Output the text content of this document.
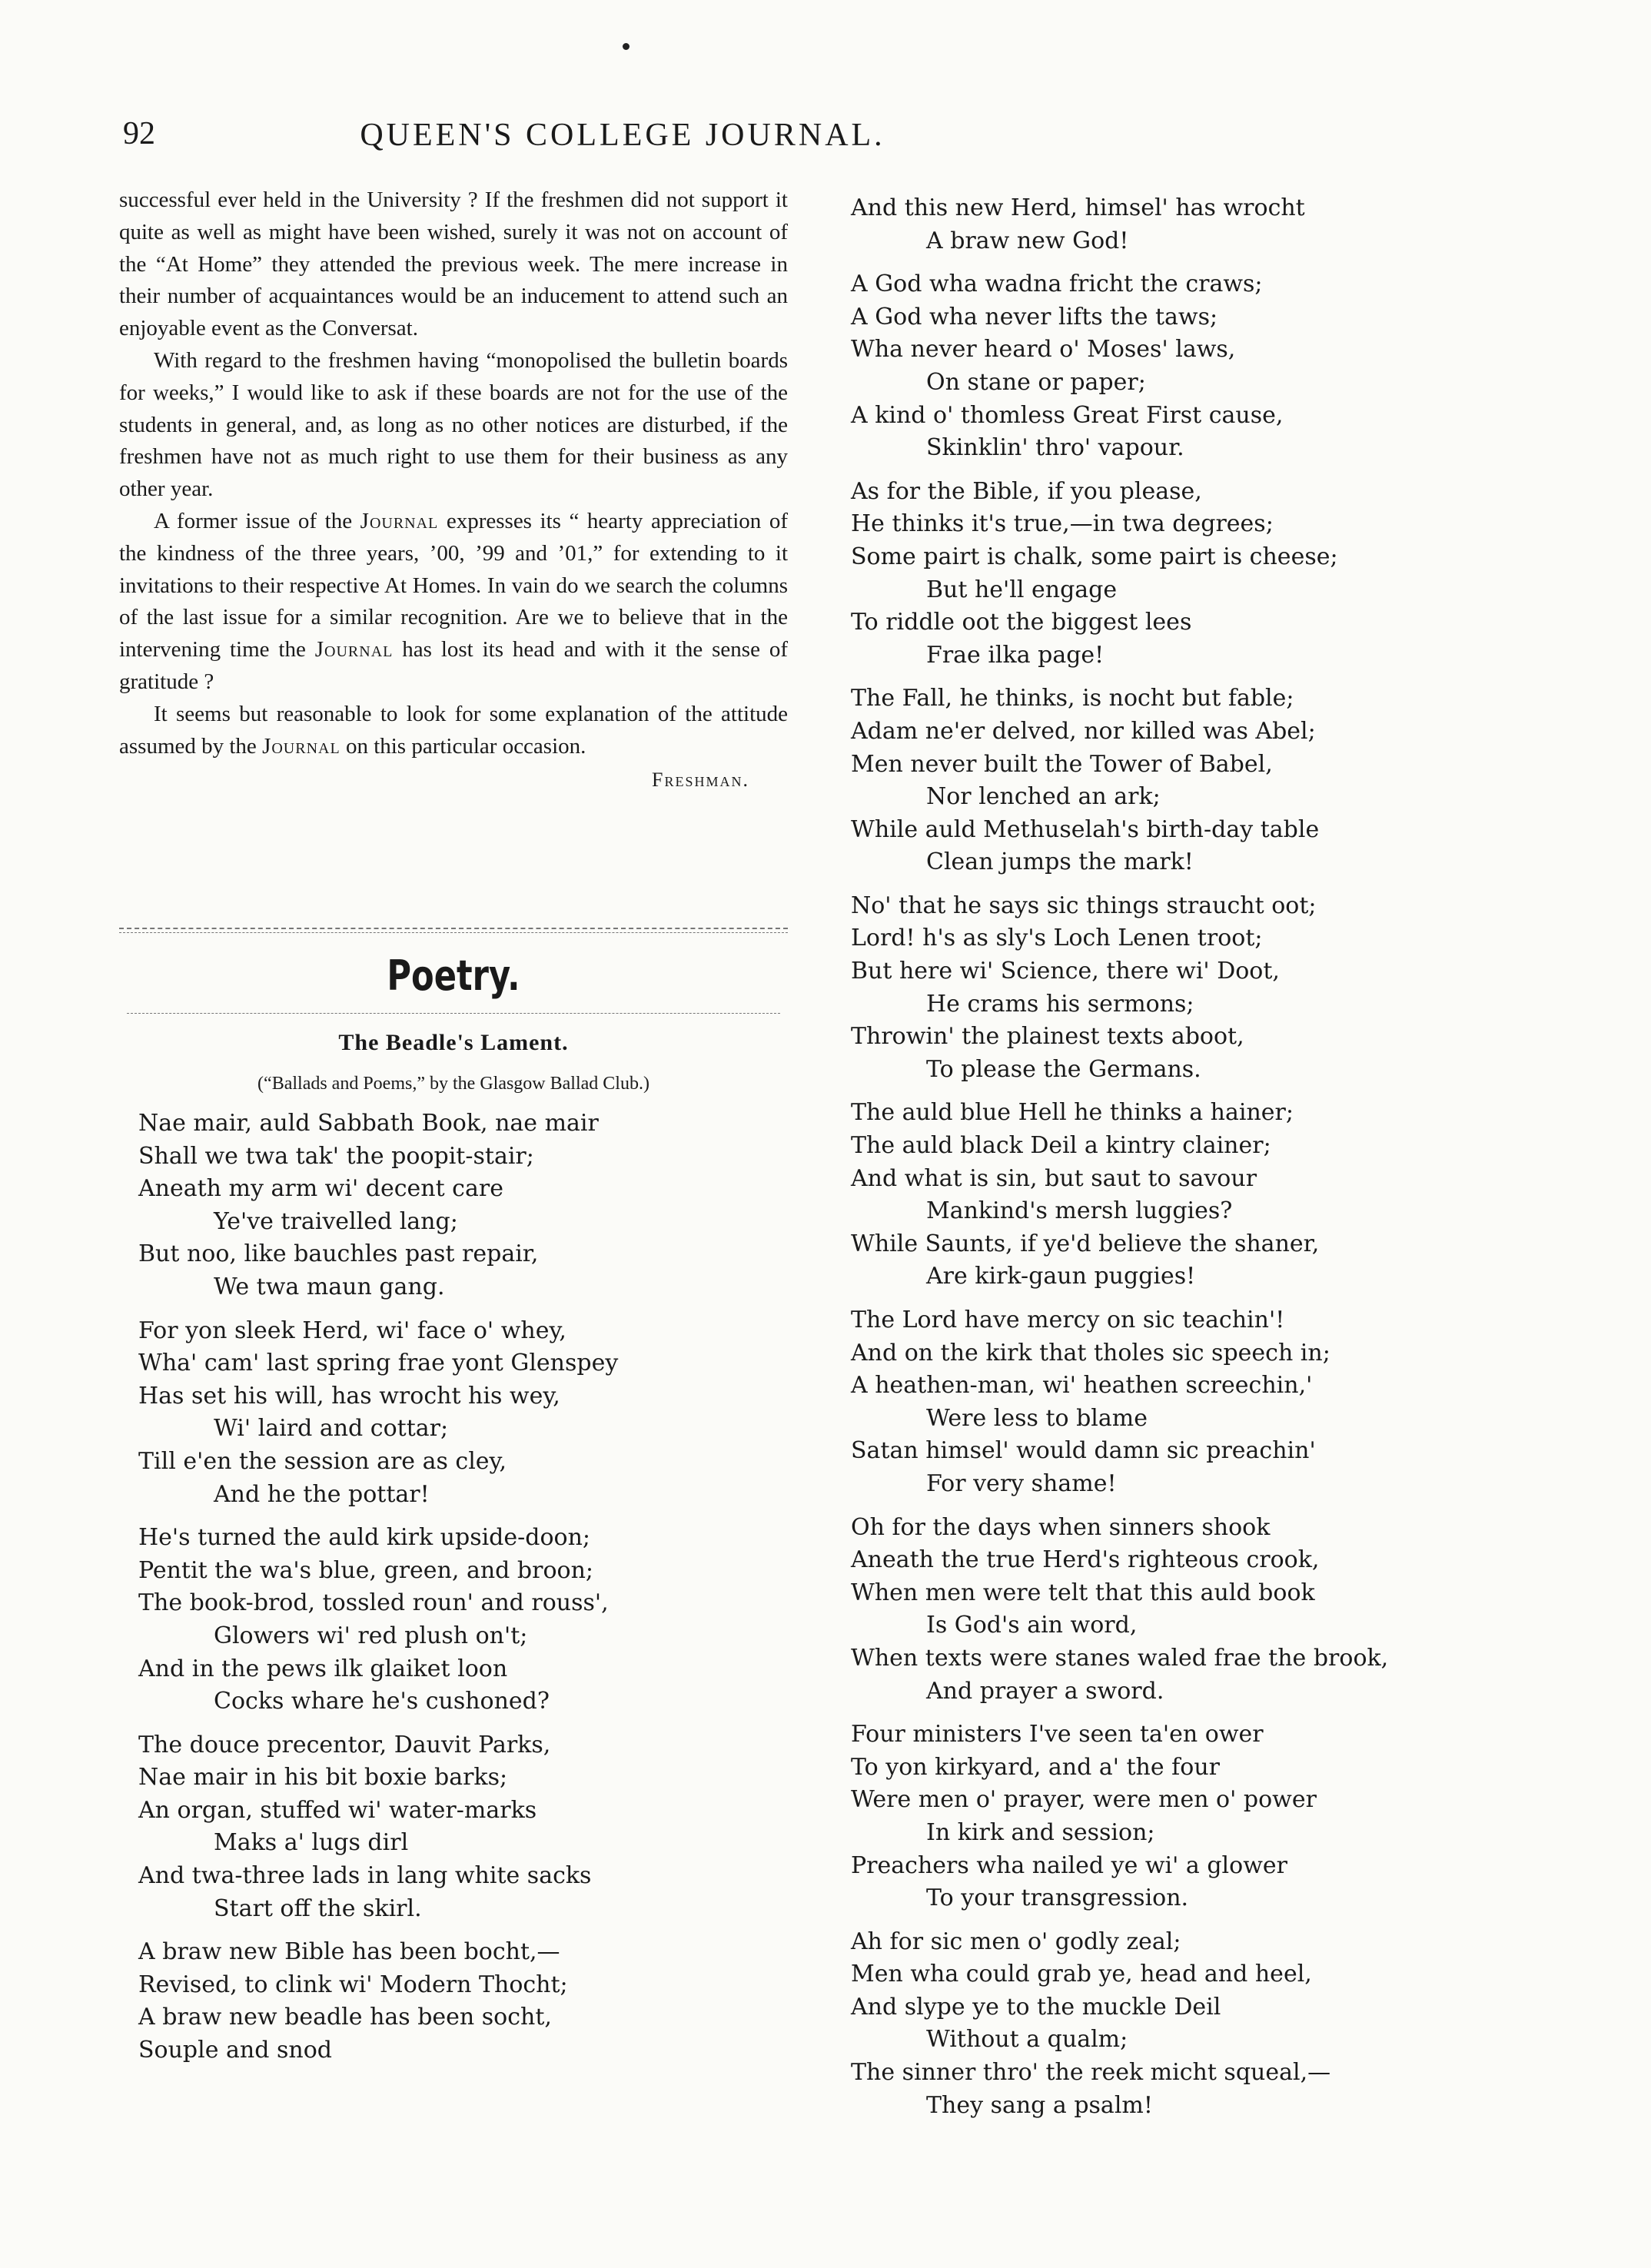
92	QUEEN'S COLLEGE JOURNAL.

successful ever held in the University ? If the freshmen did not support it quite as well as might have been wished, surely it was not on account of the “At Home” they attended the previous week. The mere increase in their number of acquaintances would be an inducement to attend such an enjoyable event as the Conversat.

With regard to the freshmen having “monopolised the bulletin boards for weeks,” I would like to ask if these boards are not for the use of the students in general, and, as long as no other notices are disturbed, if the freshmen have not as much right to use them for their business as any other year.

A former issue of the Journal expresses its “ hearty appreciation of the kindness of the three years, ’00, ’99 and ’01,” for extending to it invitations to their respective At Homes. In vain do we search the columns of the last issue for a similar recognition. Are we to believe that in the intervening time the Journal has lost its head and with it the sense of gratitude ?

It seems but reasonable to look for some explanation of the attitude assumed by the Journal on this particular occasion.

Freshman.
Poetry.
The Beadle's Lament.
(“Ballads and Poems,” by the Glasgow Ballad Club.)
Nae mair, auld Sabbath Book, nae mair
Shall we twa tak' the poopit-stair;
Aneath my arm wi' decent care
Ye've traivelled lang;
But noo, like bauchles past repair,
We twa maun gang.
For yon sleek Herd, wi' face o' whey,
Wha' cam' last spring frae yont Glenspey
Has set his will, has wrocht his wey,
Wi' laird and cottar;
Till e'en the session are as cley,
And he the pottar!
He's turned the auld kirk upside-doon;
Pentit the wa's blue, green, and broon;
The book-brod, tossled roun' and rouss',
Glowers wi' red plush on't;
And in the pews ilk glaiket loon
Cocks whare he's cushoned?
The douce precentor, Dauvit Parks,
Nae mair in his bit boxie barks;
An organ, stuffed wi' water-marks
Maks a' lugs dirl
And twa-three lads in lang white sacks
Start off the skirl.
A braw new Bible has been bocht,—
Revised, to clink wi' Modern Thocht;
A braw new beadle has been socht,
Souple and snod
And this new Herd, himsel' has wrocht
A braw new God!
A God wha wadna fricht the craws;
A God wha never lifts the taws;
Wha never heard o' Moses' laws,
On stane or paper;
A kind o' thomless Great First cause,
Skinklin' thro' vapour.
As for the Bible, if you please,
He thinks it's true,—in twa degrees;
Some pairt is chalk, some pairt is cheese;
But he'll engage
To riddle oot the biggest lees
Frae ilka page!
The Fall, he thinks, is nocht but fable;
Adam ne'er delved, nor killed was Abel;
Men never built the Tower of Babel,
Nor lenched an ark;
While auld Methuselah's birth-day table
Clean jumps the mark!
No' that he says sic things straucht oot;
Lord! h's as sly's Loch Lenen troot;
But here wi' Science, there wi' Doot,
He crams his sermons;
Throwin' the plainest texts aboot,
To please the Germans.
The auld blue Hell he thinks a hainer;
The auld black Deil a kintry clainer;
And what is sin, but saut to savour
Mankind's mersh luggies?
While Saunts, if ye'd believe the shaner,
Are kirk-gaun puggies!
The Lord have mercy on sic teachin'!
And on the kirk that tholes sic speech in;
A heathen-man, wi' heathen screechin,'
Were less to blame
Satan himsel' would damn sic preachin'
For very shame!
Oh for the days when sinners shook
Aneath the true Herd's righteous crook,
When men were telt that this auld book
Is God's ain word,
When texts were stanes waled frae the brook,
And prayer a sword.
Four ministers I've seen ta'en ower
To yon kirkyard, and a' the four
Were men o' prayer, were men o' power
In kirk and session;
Preachers wha nailed ye wi' a glower
To your transgression.
Ah for sic men o' godly zeal;
Men wha could grab ye, head and heel,
And slype ye to the muckle Deil
Without a qualm;
The sinner thro' the reek micht squeal,—
They sang a psalm!
